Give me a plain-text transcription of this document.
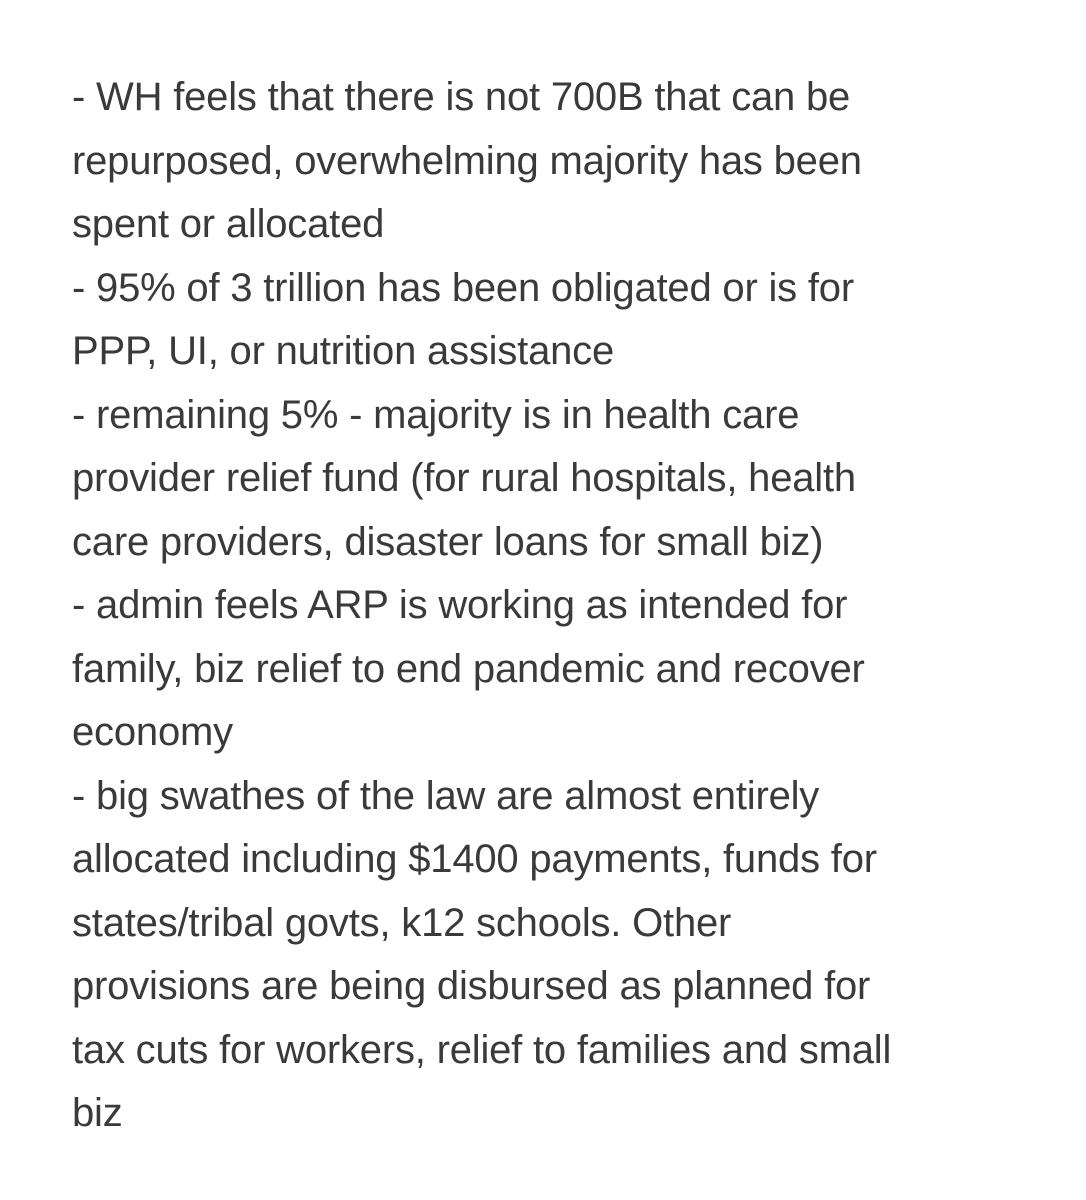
- WH feels that there is not 700B that can be
repurposed, overwhelming majority has been
spent or allocated
- 95% of 3 trillion has been obligated or is for
PPP, UI, or nutrition assistance
- remaining 5% - majority is in health care
provider relief fund (for rural hospitals, health
care providers, disaster loans for small biz)
- admin feels ARP is working as intended for
family, biz relief to end pandemic and recover
economy
- big swathes of the law are almost entirely
allocated including $1400 payments, funds for
states/tribal govts, k12 schools. Other
provisions are being disbursed as planned for
tax cuts for workers, relief to families and small
biz
